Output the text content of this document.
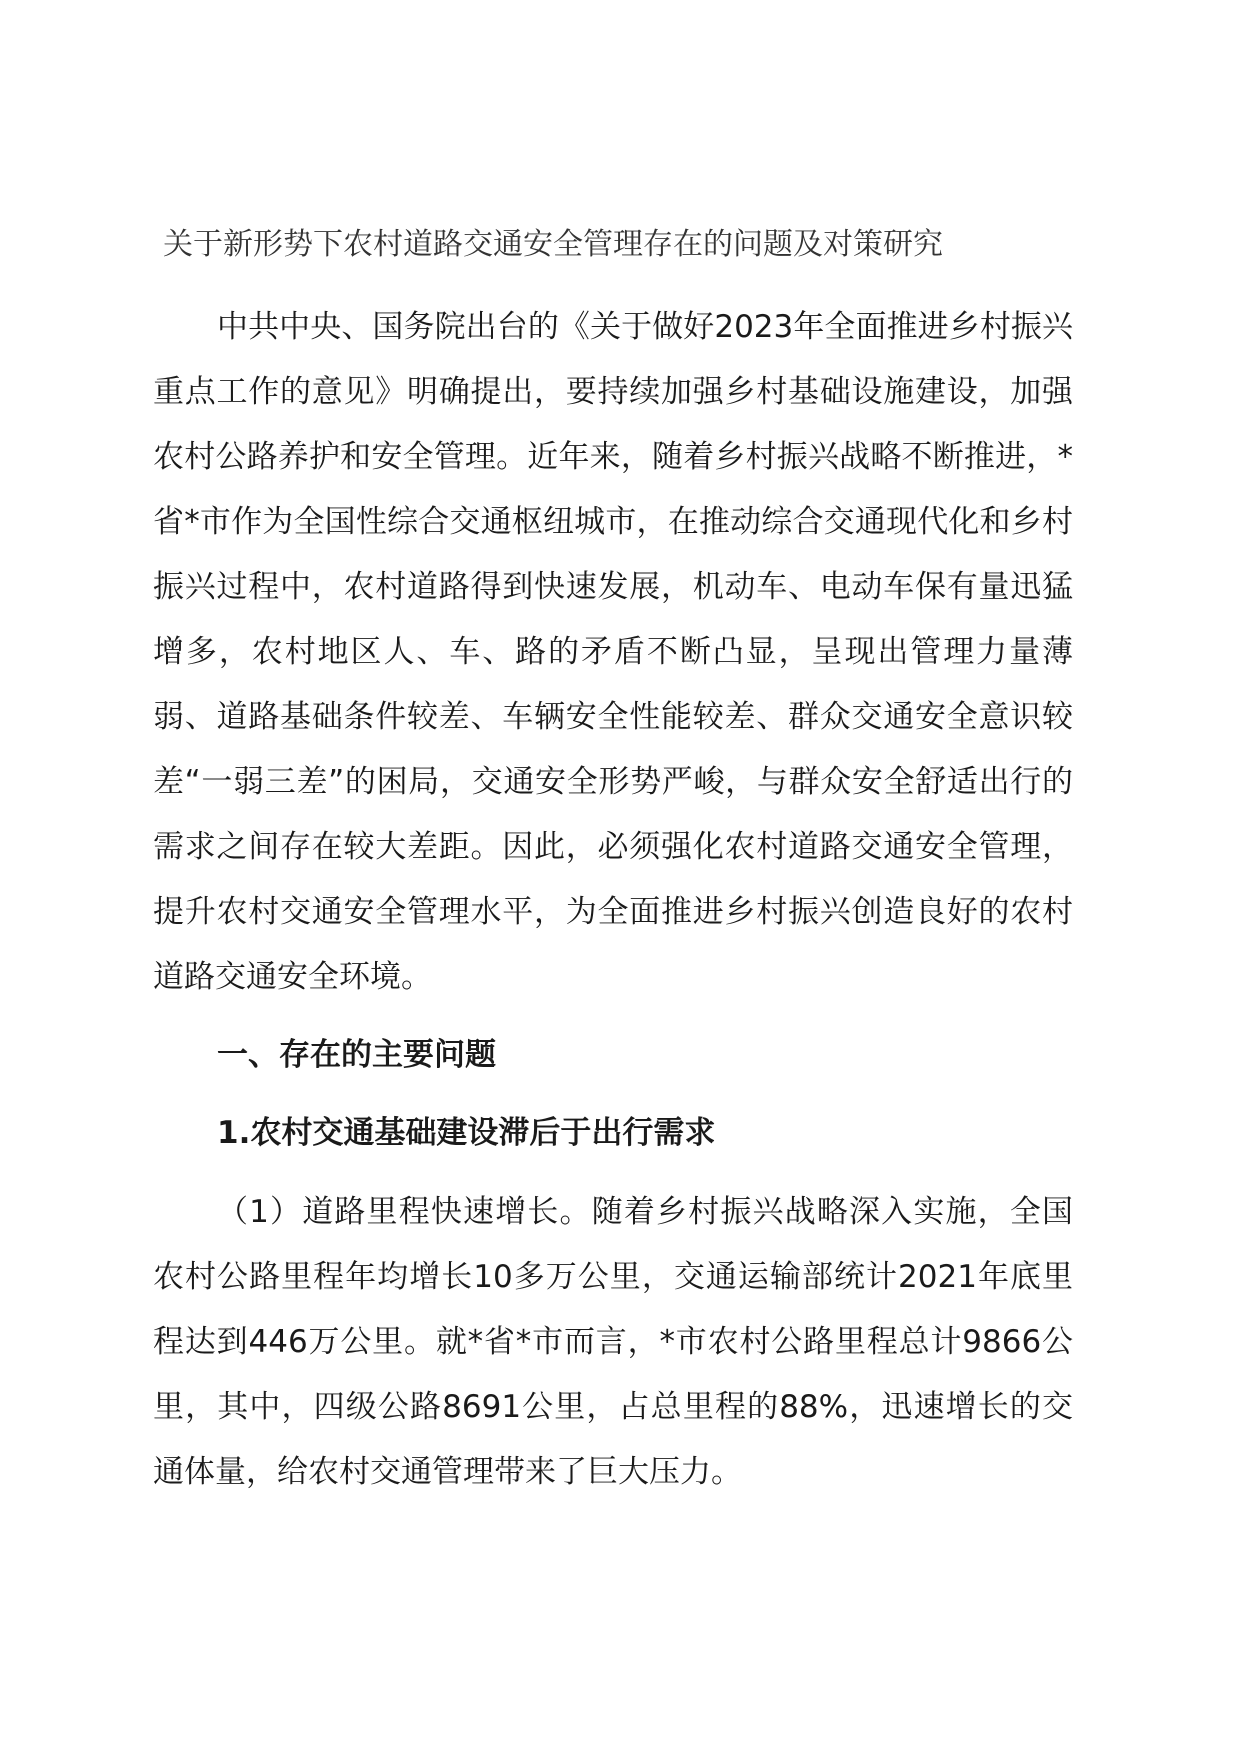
关于新形势下农村道路交通安全管理存在的问题及对策研究

中共中央、国务院出台的《关于做好2023年全面推进乡村振兴重点工作的意见》明确提出，要持续加强乡村基础设施建设，加强农村公路养护和安全管理。近年来，随着乡村振兴战略不断推进，*省*市作为全国性综合交通枢纽城市，在推动综合交通现代化和乡村振兴过程中，农村道路得到快速发展，机动车、电动车保有量迅猛增多，农村地区人、车、路的矛盾不断凸显，呈现出管理力量薄弱、道路基础条件较差、车辆安全性能较差、群众交通安全意识较差“一弱三差”的困局，交通安全形势严峻，与群众安全舒适出行的需求之间存在较大差距。因此，必须强化农村道路交通安全管理，提升农村交通安全管理水平，为全面推进乡村振兴创造良好的农村道路交通安全环境。

一、存在的主要问题
1.农村交通基础建设滞后于出行需求

（1）道路里程快速增长。随着乡村振兴战略深入实施，全国农村公路里程年均增长10多万公里，交通运输部统计2021年底里程达到446万公里。就*省*市而言，*市农村公路里程总计9866公里，其中，四级公路8691公里，占总里程的88%，迅速增长的交通体量，给农村交通管理带来了巨大压力。
